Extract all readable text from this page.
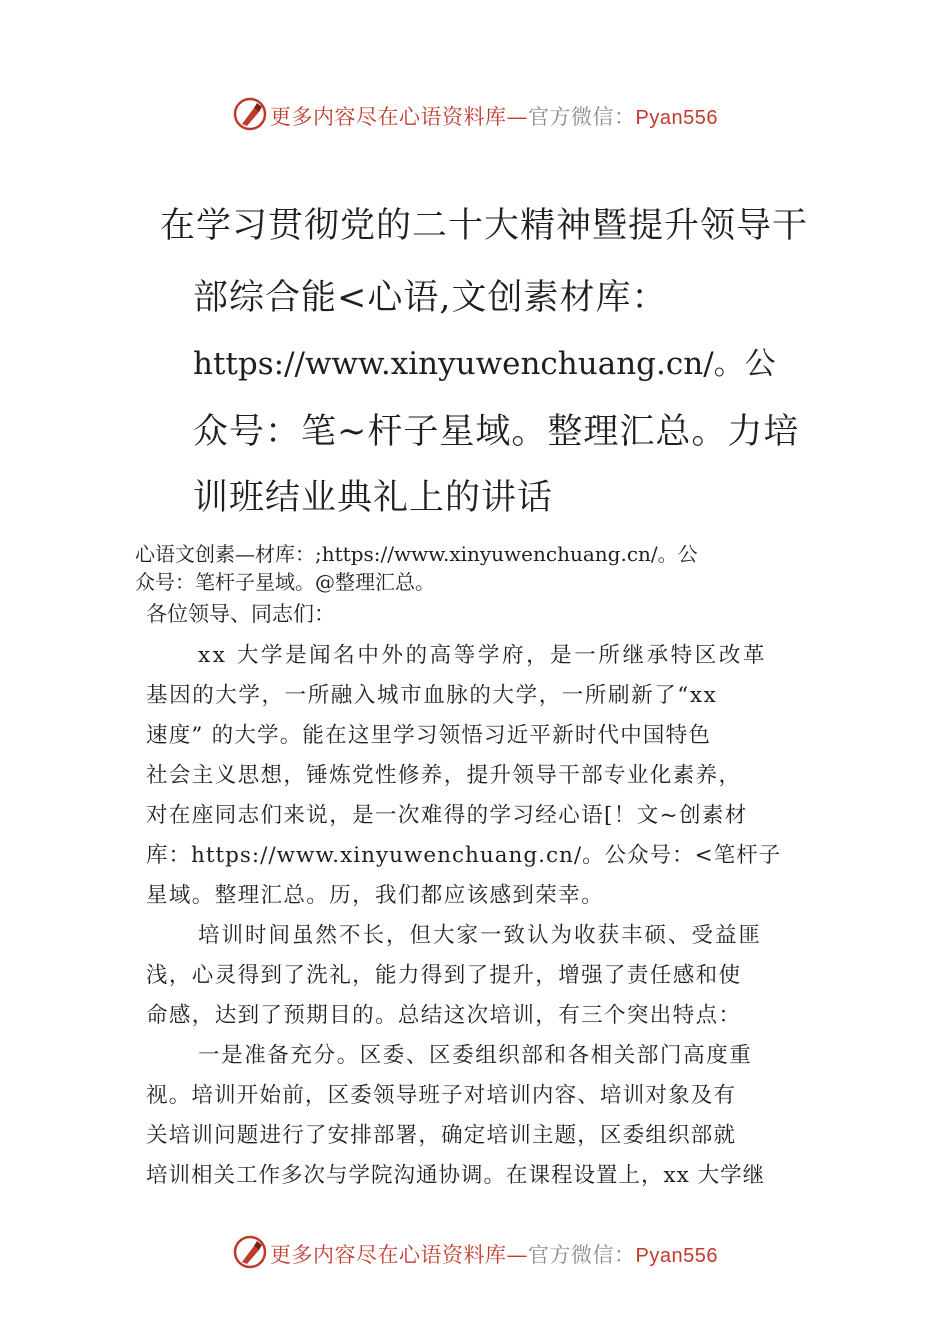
更多内容尽在心语资料库—官方微信：Pyan556
在学习贯彻党的二十大精神暨提升领导干
部综合能<心语,文创素材库：
https://www.xinyuwenchuang.cn/。公
众号：笔~杆子星域。整理汇总。力培
训班结业典礼上的讲话
心语文创素—材库：;https://www.xinyuwenchuang.cn/。公
众号：笔杆子星域。@整理汇总。
各位领导、同志们：
xx 大学是闻名中外的高等学府，是一所继承特区改革
基因的大学，一所融入城市血脉的大学，一所刷新了“xx
速度” 的大学。能在这里学习领悟习近平新时代中国特色
社会主义思想，锤炼党性修养，提升领导干部专业化素养，
对在座同志们来说，是一次难得的学习经心语[！文~创素材
库：https://www.xinyuwenchuang.cn/。公众号：<笔杆子
星域。整理汇总。历，我们都应该感到荣幸。
培训时间虽然不长，但大家一致认为收获丰硕、受益匪
浅，心灵得到了洗礼，能力得到了提升，增强了责任感和使
命感，达到了预期目的。总结这次培训，有三个突出特点：
一是准备充分。区委、区委组织部和各相关部门高度重
视。培训开始前，区委领导班子对培训内容、培训对象及有
关培训问题进行了安排部署，确定培训主题，区委组织部就
培训相关工作多次与学院沟通协调。在课程设置上，xx 大学继
更多内容尽在心语资料库—官方微信：Pyan556
